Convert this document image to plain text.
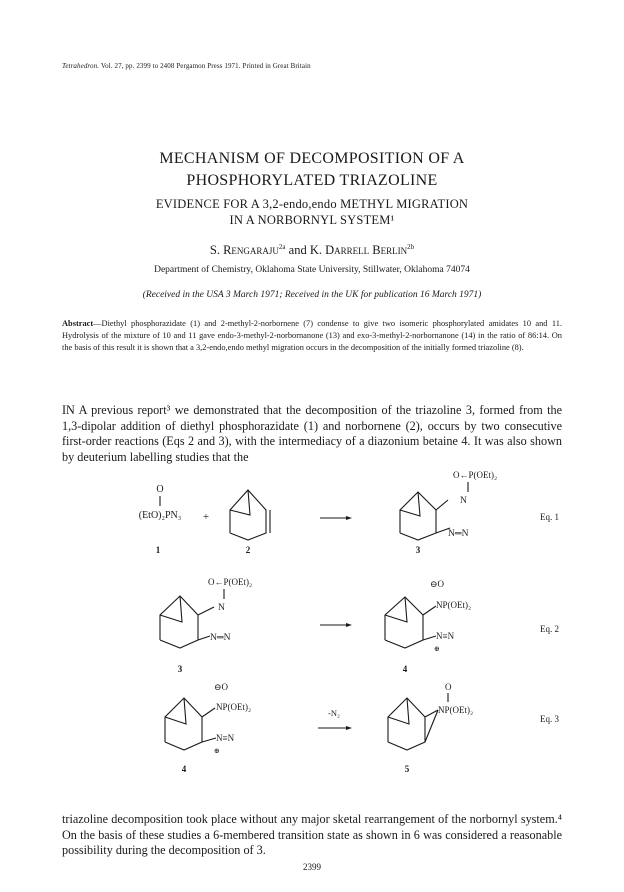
Tetrahedron. Vol. 27, pp. 2399 to 2408 Pergamon Press 1971. Printed in Great Britain
MECHANISM OF DECOMPOSITION OF A
PHOSPHORYLATED TRIAZOLINE
EVIDENCE FOR A 3,2-endo,endo METHYL MIGRATION
IN A NORBORNYL SYSTEM¹
S. Rengaraju$^{2a}$ and K. Darrell Berlin$^{2b}$
Department of Chemistry, Oklahoma State University, Stillwater, Oklahoma 74074
(Received in the USA 3 March 1971; Received in the UK for publication 16 March 1971)
Abstract—Diethyl phosphorazidate (1) and 2-methyl-2-norbornene (7) condense to give two isomeric phosphorylated amidates 10 and 11. Hydrolysis of the mixture of 10 and 11 gave endo-3-methyl-2-norbornanone (13) and exo-3-methyl-2-norbornanone (14) in the ratio of 86:14. On the basis of this result it is shown that a 3,2-endo,endo methyl migration occurs in the decomposition of the initially formed triazoline (8).
IN A previous report³ we demonstrated that the decomposition of the triazoline 3, formed from the 1,3-dipolar addition of diethyl phosphorazidate (1) and norbornene (2), occurs by two consecutive first-order reactions (Eqs 2 and 3), with the intermediacy of a diazonium betaine 4. It was also shown by deuterium labelling studies that the
O
(EtO)₂PN₃ +
O←P(OEt)₂
N
N═N
Eq. 1
1	2	3
O←P(OEt)₂
N
N═N
⊖O
NP(OEt)₂
N≡N
⊕
Eq. 2
3	4
⊖O
NP(OEt)₂
N≡N
⊕
-N₂
O
NP(OEt)₂
Eq. 3
4	5
triazoline decomposition took place without any major sketal rearrangement of the norbornyl system.⁴ On the basis of these studies a 6-membered transition state as shown in 6 was considered a reasonable possibility during the decomposition of 3.
2399
